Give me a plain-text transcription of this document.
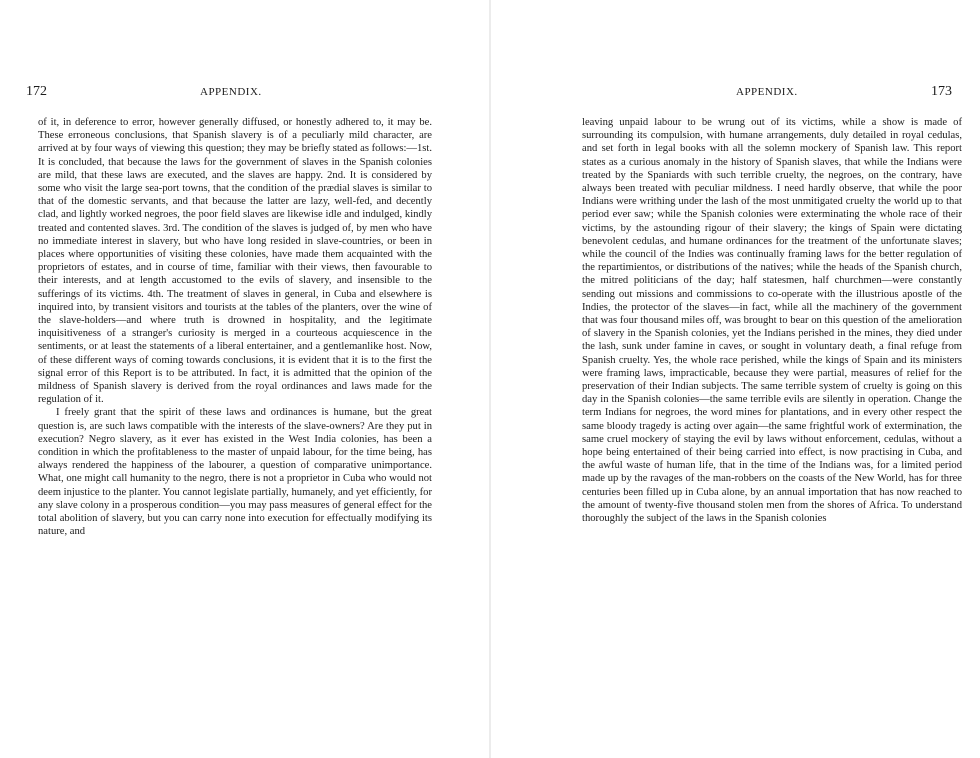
172	APPENDIX.

of it, in deference to error, however generally diffused, or honestly adhered to, it may be. These erroneous conclusions, that Spanish slavery is of a peculiarly mild character, are arrived at by four ways of viewing this question; they may be briefly stated as follows:—1st. It is concluded, that because the laws for the government of slaves in the Spanish colonies are mild, that these laws are executed, and the slaves are happy. 2nd. It is considered by some who visit the large sea-port towns, that the condition of the prædial slaves is similar to that of the domestic servants, and that because the latter are lazy, well-fed, and decently clad, and lightly worked negroes, the poor field slaves are likewise idle and indulged, kindly treated and contented slaves. 3rd. The condition of the slaves is judged of, by men who have no immediate interest in slavery, but who have long resided in slave-countries, or been in places where opportunities of visiting these colonies, have made them acquainted with the proprietors of estates, and in course of time, familiar with their views, then favourable to their interests, and at length accustomed to the evils of slavery, and insensible to the sufferings of its victims. 4th. The treatment of slaves in general, in Cuba and elsewhere is inquired into, by transient visitors and tourists at the tables of the planters, over the wine of the slave-holders—and where truth is drowned in hospitality, and the legitimate inquisitiveness of a stranger's curiosity is merged in a courteous acquiescence in the sentiments, or at least the statements of a liberal entertainer, and a gentlemanlike host. Now, of these different ways of coming towards conclusions, it is evident that it is to the first the signal error of this Report is to be attributed. In fact, it is admitted that the opinion of the mildness of Spanish slavery is derived from the royal ordinances and laws made for the regulation of it.

I freely grant that the spirit of these laws and ordinances is humane, but the great question is, are such laws compatible with the interests of the slave-owners? Are they put in execution? Negro slavery, as it ever has existed in the West India colonies, has been a condition in which the profitableness to the master of unpaid labour, for the time being, has always rendered the happiness of the labourer, a question of comparative unimportance. What, one might call humanity to the negro, there is not a proprietor in Cuba who would not deem injustice to the planter. You cannot legislate partially, humanely, and yet efficiently, for any slave colony in a prosperous condition—you may pass measures of general effect for the total abolition of slavery, but you can carry none into execution for effectually modifying its nature, and

APPENDIX.	173

leaving unpaid labour to be wrung out of its victims, while a show is made of surrounding its compulsion, with humane arrangements, duly detailed in royal cedulas, and set forth in legal books with all the solemn mockery of Spanish law. This report states as a curious anomaly in the history of Spanish slaves, that while the Indians were treated by the Spaniards with such terrible cruelty, the negroes, on the contrary, have always been treated with peculiar mildness. I need hardly observe, that while the poor Indians were writhing under the lash of the most unmitigated cruelty the world up to that period ever saw; while the Spanish colonies were exterminating the whole race of their victims, by the astounding rigour of their slavery; the kings of Spain were dictating benevolent cedulas, and humane ordinances for the treatment of the unfortunate slaves; while the council of the Indies was continually framing laws for the better regulation of the repartimientos, or distributions of the natives; while the heads of the Spanish church, the mitred politicians of the day; half statesmen, half churchmen—were constantly sending out missions and commissions to co-operate with the illustrious apostle of the Indies, the protector of the slaves—in fact, while all the machinery of the government that was four thousand miles off, was brought to bear on this question of the amelioration of slavery in the Spanish colonies, yet the Indians perished in the mines, they died under the lash, sunk under famine in caves, or sought in voluntary death, a final refuge from Spanish cruelty. Yes, the whole race perished, while the kings of Spain and its ministers were framing laws, impracticable, because they were partial, measures of relief for the preservation of their Indian subjects. The same terrible system of cruelty is going on this day in the Spanish colonies—the same terrible evils are silently in operation. Change the term Indians for negroes, the word mines for plantations, and in every other respect the same bloody tragedy is acting over again—the same frightful work of extermination, the same cruel mockery of staying the evil by laws without enforcement, cedulas, without a hope being entertained of their being carried into effect, is now practising in Cuba, and the awful waste of human life, that in the time of the Indians was, for a limited period made up by the ravages of the man-robbers on the coasts of the New World, has for three centuries been filled up in Cuba alone, by an annual importation that has now reached to the amount of twenty-five thousand stolen men from the shores of Africa. To understand thoroughly the subject of the laws in the Spanish colonies
